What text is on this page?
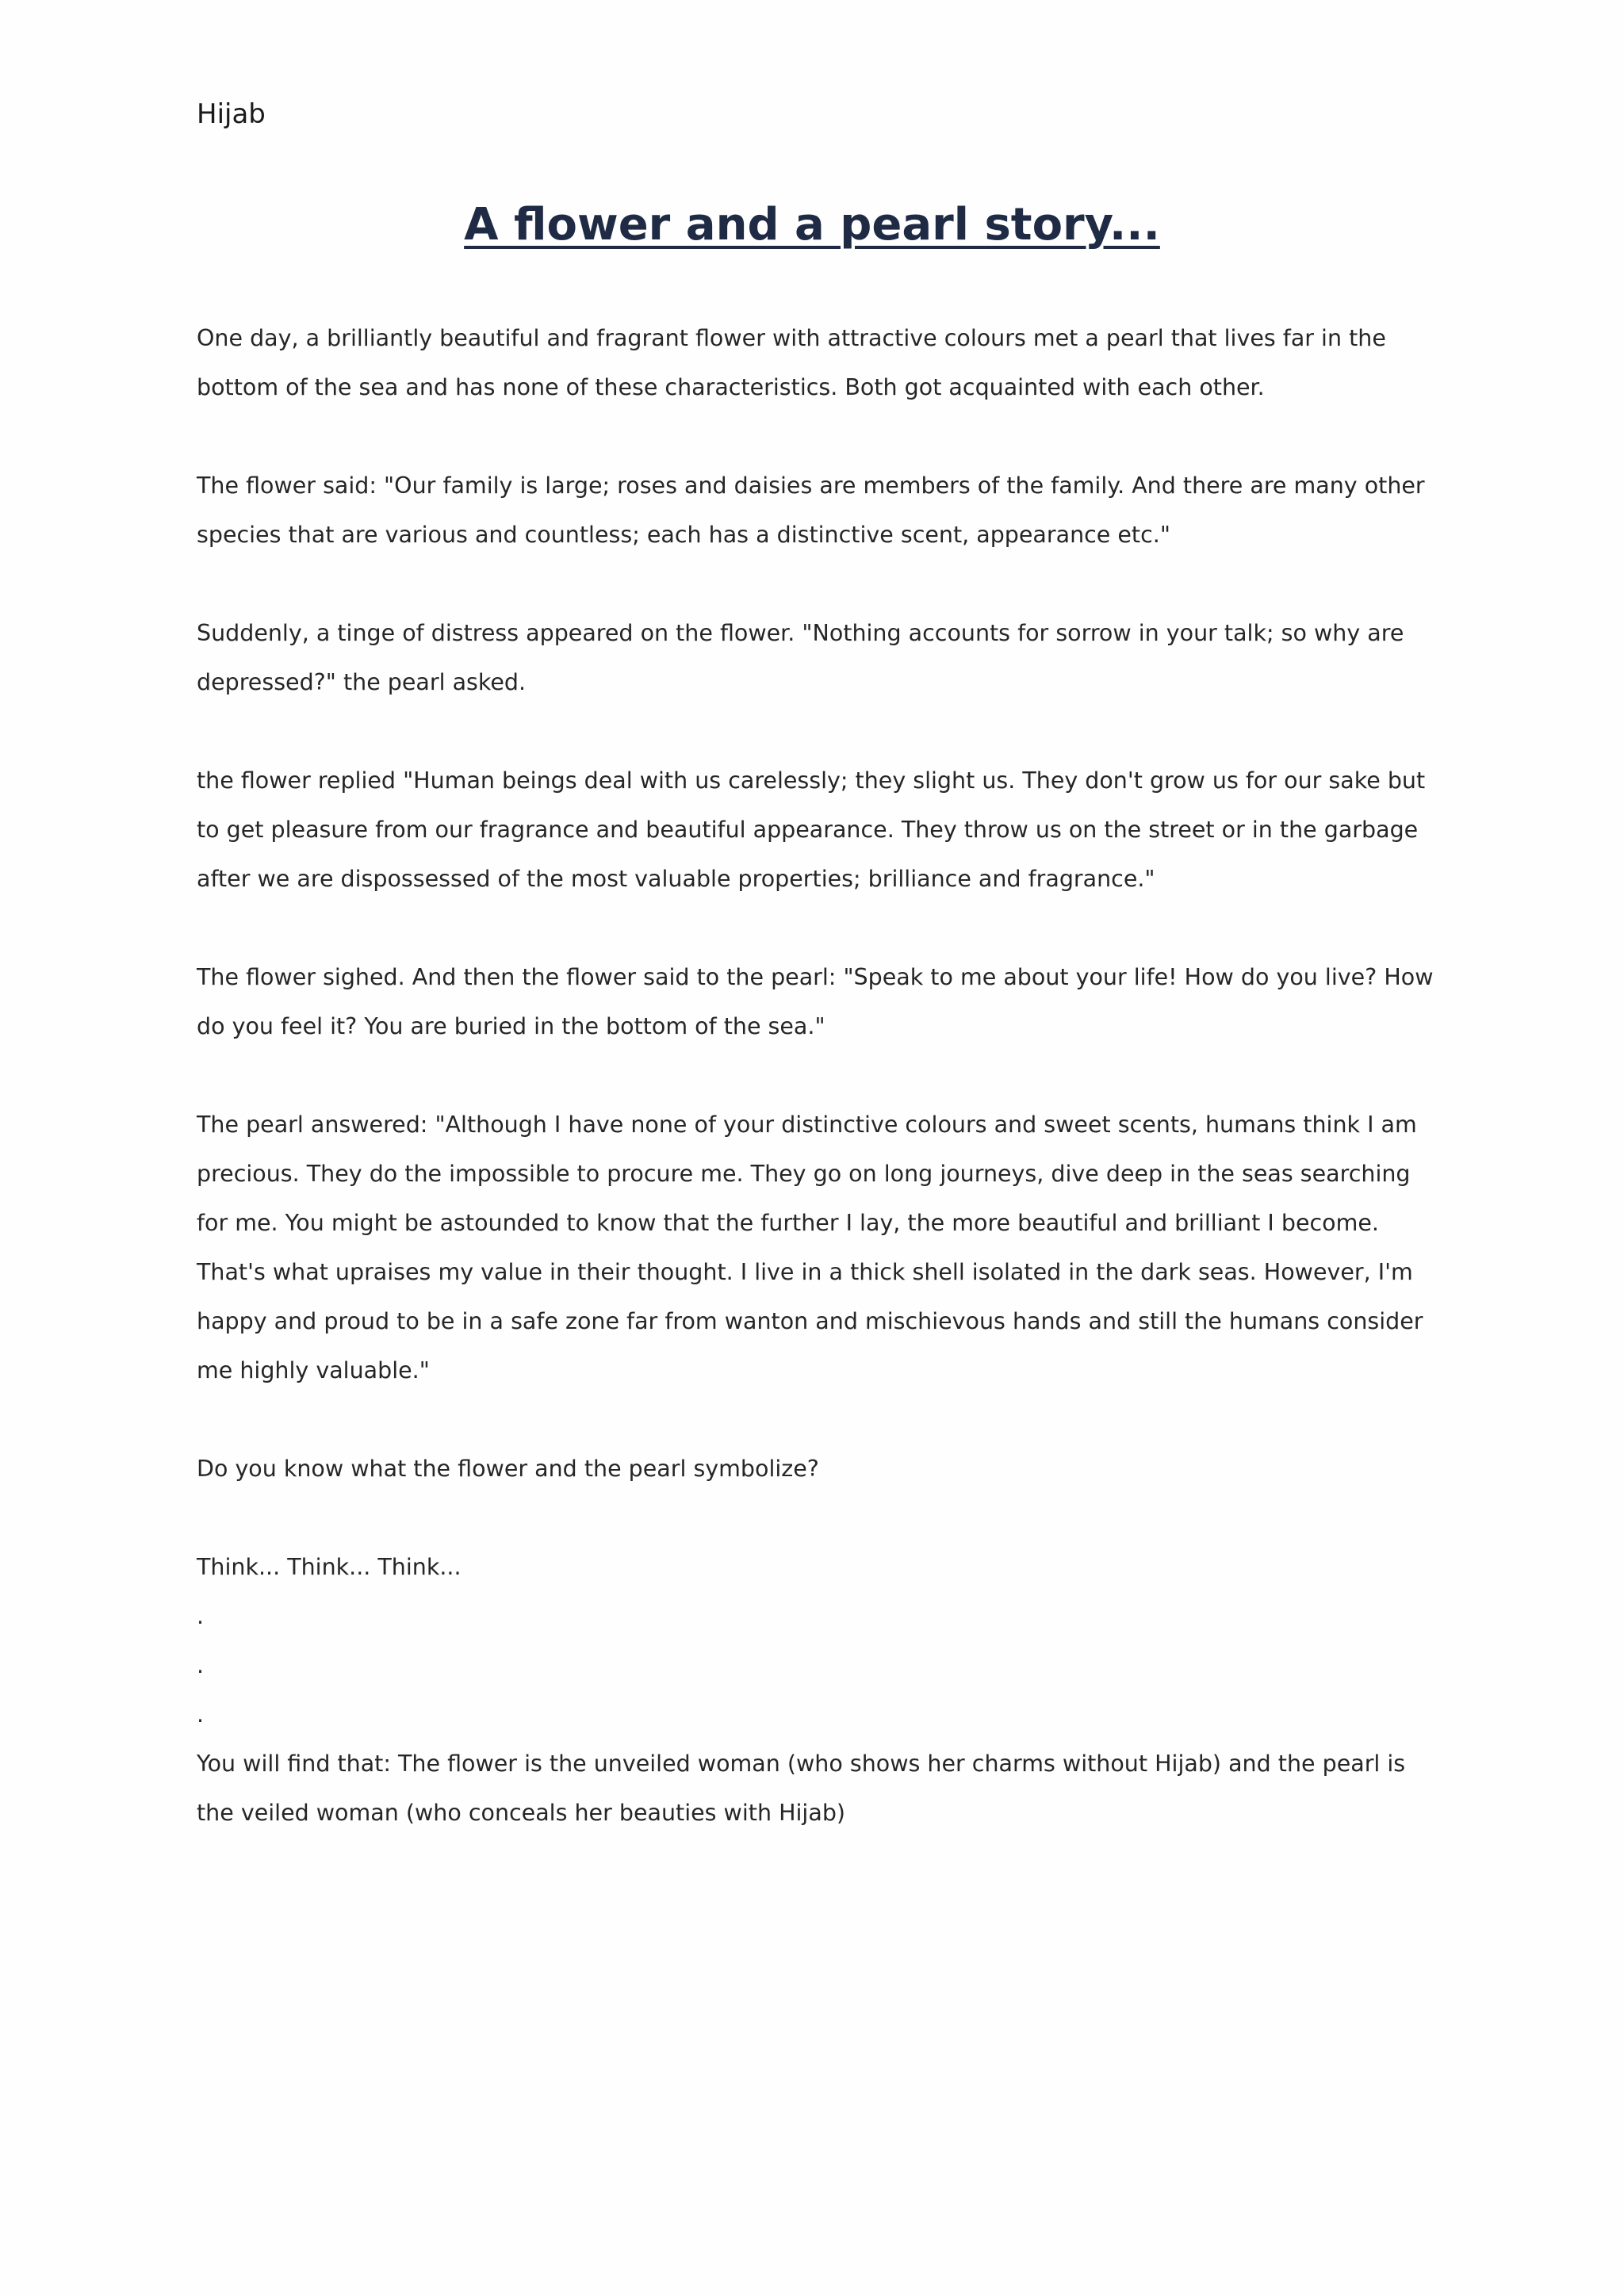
Hijab

A flower and a pearl story...

One day, a brilliantly beautiful and fragrant flower with attractive colours met a pearl that lives far in the bottom of the sea and has none of these characteristics. Both got acquainted with each other.

The flower said: "Our family is large; roses and daisies are members of the family. And there are many other species that are various and countless; each has a distinctive scent, appearance etc."

Suddenly, a tinge of distress appeared on the flower. "Nothing accounts for sorrow in your talk; so why are depressed?" the pearl asked.

the flower replied "Human beings deal with us carelessly; they slight us. They don't grow us for our sake but to get pleasure from our fragrance and beautiful appearance. They throw us on the street or in the garbage after we are dispossessed of the most valuable properties; brilliance and fragrance."

The flower sighed. And then the flower said to the pearl: "Speak to me about your life! How do you live? How do you feel it? You are buried in the bottom of the sea."

The pearl answered: "Although I have none of your distinctive colours and sweet scents, humans think I am precious. They do the impossible to procure me. They go on long journeys, dive deep in the seas searching for me. You might be astounded to know that the further I lay, the more beautiful and brilliant I become. That's what upraises my value in their thought. I live in a thick shell isolated in the dark seas. However, I'm happy and proud to be in a safe zone far from wanton and mischievous hands and still the humans consider me highly valuable."

Do you know what the flower and the pearl symbolize?

Think... Think... Think...

.

.

.

You will find that: The flower is the unveiled woman (who shows her charms without Hijab) and the pearl is the veiled woman (who conceals her beauties with Hijab)
